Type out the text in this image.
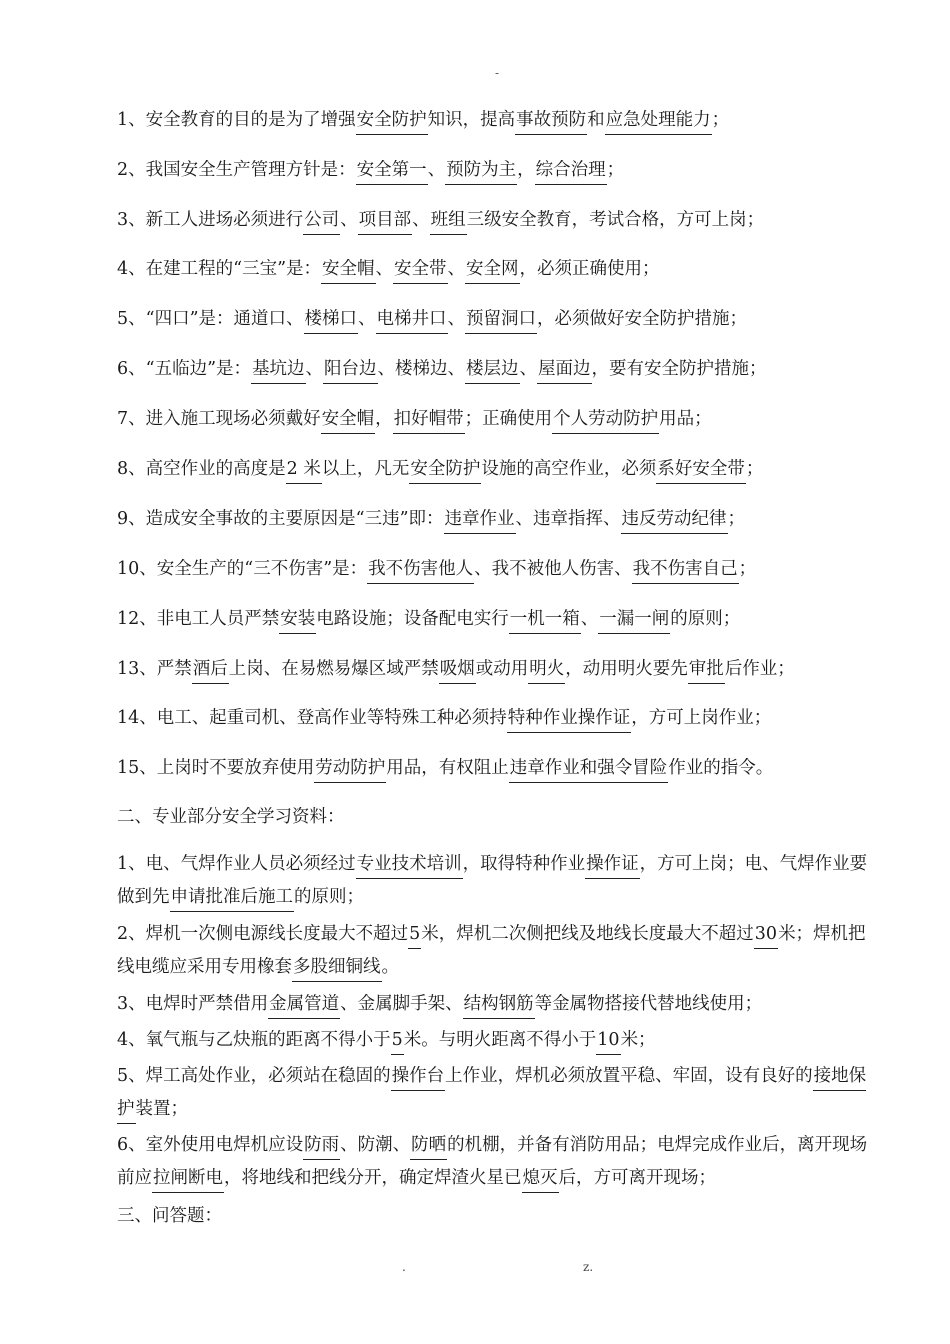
-
1、安全教育的目的是为了增强安全防护知识，提高事故预防和应急处理能力；
2、我国安全生产管理方针是：安全第一、预防为主，综合治理；
3、新工人进场必须进行公司、项目部、班组三级安全教育，考试合格，方可上岗；
4、在建工程的“三宝”是：安全帽、安全带、安全网，必须正确使用；
5、“四口”是：通道口、楼梯口、电梯井口、预留洞口，必须做好安全防护措施；
6、“五临边”是：基坑边、阳台边、楼梯边、楼层边、屋面边，要有安全防护措施；
7、进入施工现场必须戴好安全帽，扣好帽带；正确使用个人劳动防护用品；
8、高空作业的高度是2 米以上，凡无安全防护设施的高空作业，必须系好安全带；
9、造成安全事故的主要原因是“三违”即：违章作业、违章指挥、违反劳动纪律；
10、安全生产的“三不伤害”是：我不伤害他人、我不被他人伤害、我不伤害自己；
12、非电工人员严禁安装电路设施；设备配电实行一机一箱、一漏一闸的原则；
13、严禁酒后上岗、在易燃易爆区域严禁吸烟或动用明火，动用明火要先审批后作业；
14、电工、起重司机、登高作业等特殊工种必须持特种作业操作证，方可上岗作业；
15、上岗时不要放弃使用劳动防护用品，有权阻止违章作业和强令冒险作业的指令。
二、专业部分安全学习资料：
1、电、气焊作业人员必须经过专业技术培训，取得特种作业操作证，方可上岗；电、气焊作业要做到先申请批准后施工的原则；
2、焊机一次侧电源线长度最大不超过5米，焊机二次侧把线及地线长度最大不超过30米；焊机把线电缆应采用专用橡套多股细铜线。
3、电焊时严禁借用金属管道、金属脚手架、结构钢筋等金属物搭接代替地线使用；
4、氧气瓶与乙炔瓶的距离不得小于5米。与明火距离不得小于10米；
5、焊工高处作业，必须站在稳固的操作台上作业，焊机必须放置平稳、牢固，设有良好的接地保护装置；
6、室外使用电焊机应设防雨、防潮、防晒的机棚，并备有消防用品；电焊完成作业后，离开现场前应拉闸断电，将地线和把线分开，确定焊渣火星已熄灭后，方可离开现场；
三、问答题：
.	z.
